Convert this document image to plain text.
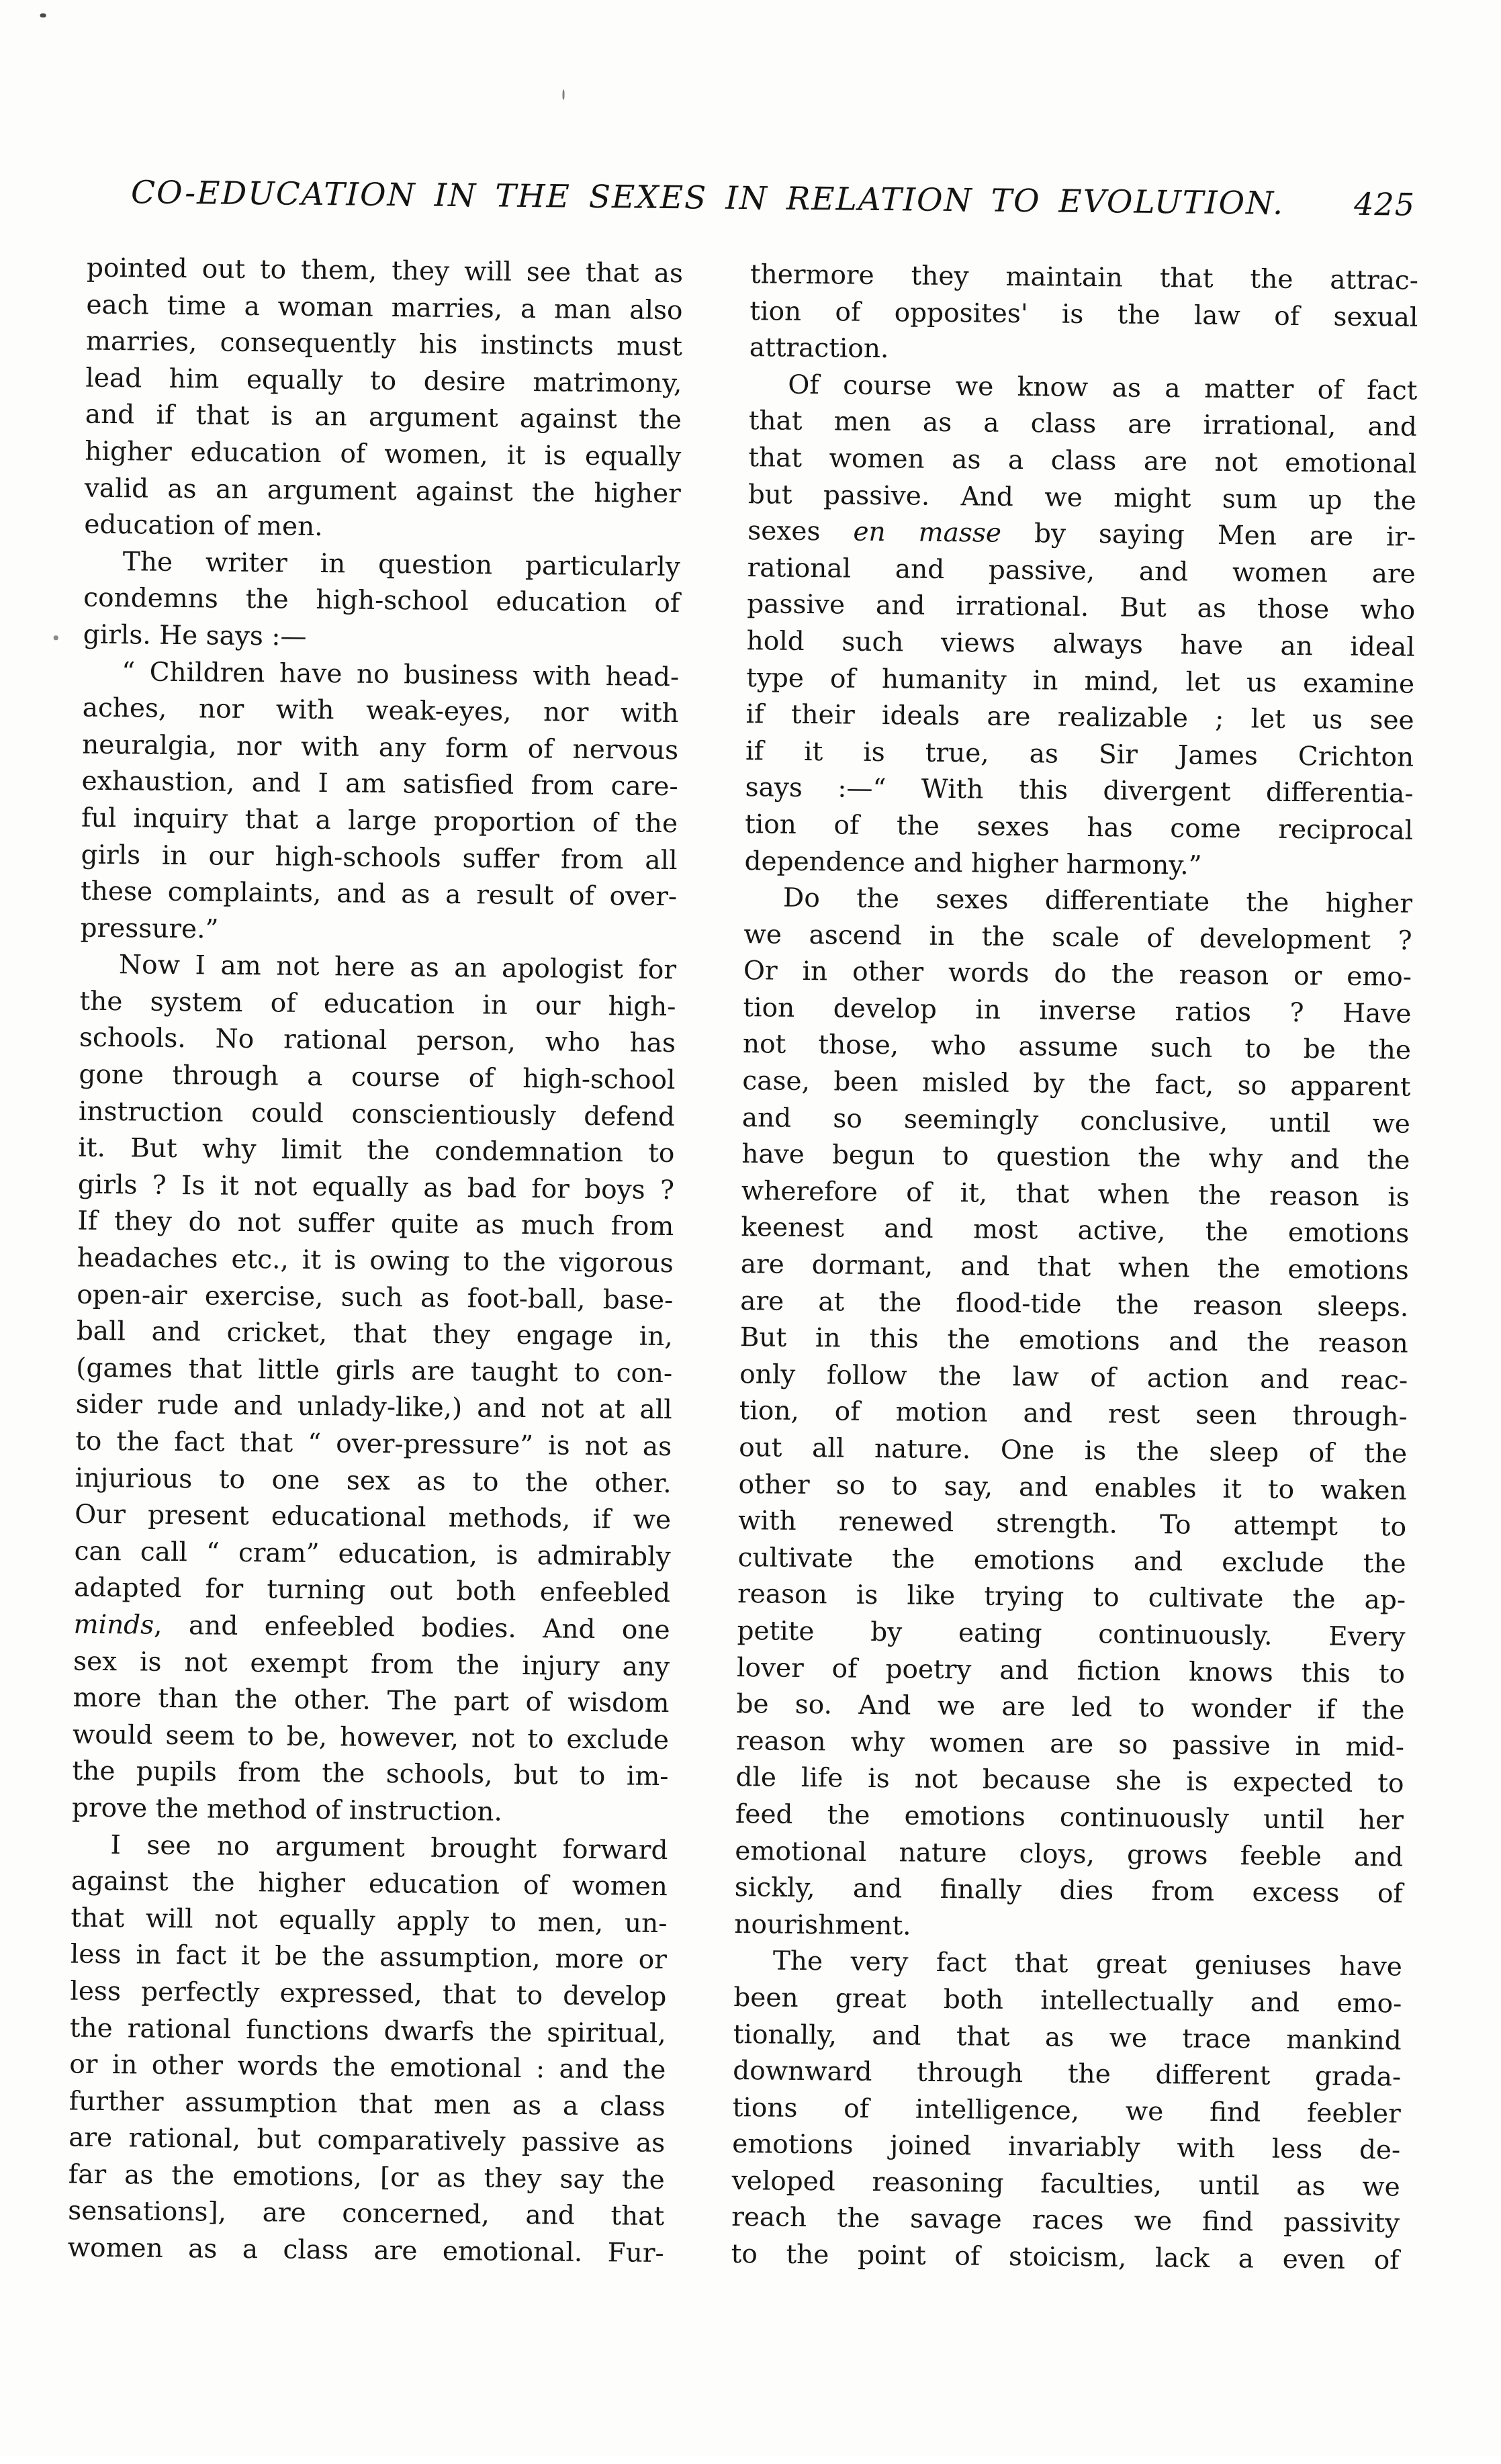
CO-EDUCATION IN THE SEXES IN RELATION TO EVOLUTION. 425
pointed out to them, they will see that as
each time a woman marries, a man also
marries, consequently his instincts must
lead him equally to desire matrimony,
and if that is an argument against the
higher education of women, it is equally
valid as an argument against the higher
education of men.
The writer in question particularly
condemns the high-school education of
girls. He says :—
“ Children have no business with head-
aches, nor with weak-eyes, nor with
neuralgia, nor with any form of nervous
exhaustion, and I am satisfied from care-
ful inquiry that a large proportion of the
girls in our high-schools suffer from all
these complaints, and as a result of over-
pressure.”
Now I am not here as an apologist for
the system of education in our high-
schools. No rational person, who has
gone through a course of high-school
instruction could conscientiously defend
it. But why limit the condemnation to
girls ? Is it not equally as bad for boys ?
If they do not suffer quite as much from
headaches etc., it is owing to the vigorous
open-air exercise, such as foot-ball, base-
ball and cricket, that they engage in,
(games that little girls are taught to con-
sider rude and unlady-like,) and not at all
to the fact that “ over-pressure” is not as
injurious to one sex as to the other.
Our present educational methods, if we
can call “ cram” education, is admirably
adapted for turning out both enfeebled
minds, and enfeebled bodies. And one
sex is not exempt from the injury any
more than the other. The part of wisdom
would seem to be, however, not to exclude
the pupils from the schools, but to im-
prove the method of instruction.
I see no argument brought forward
against the higher education of women
that will not equally apply to men, un-
less in fact it be the assumption, more or
less perfectly expressed, that to develop
the rational functions dwarfs the spiritual,
or in other words the emotional : and the
further assumption that men as a class
are rational, but comparatively passive as
far as the emotions, [or as they say the
sensations], are concerned, and that
women as a class are emotional. Fur-
thermore they maintain that the attrac-
tion of opposites' is the law of sexual
attraction.
Of course we know as a matter of fact
that men as a class are irrational, and
that women as a class are not emotional
but passive. And we might sum up the
sexes en masse by saying Men are ir-
rational and passive, and women are
passive and irrational. But as those who
hold such views always have an ideal
type of humanity in mind, let us examine
if their ideals are realizable ; let us see
if it is true, as Sir James Crichton
says :—“ With this divergent differentia-
tion of the sexes has come reciprocal
dependence and higher harmony.”
Do the sexes differentiate the higher
we ascend in the scale of development ?
Or in other words do the reason or emo-
tion develop in inverse ratios ? Have
not those, who assume such to be the
case, been misled by the fact, so apparent
and so seemingly conclusive, until we
have begun to question the why and the
wherefore of it, that when the reason is
keenest and most active, the emotions
are dormant, and that when the emotions
are at the flood-tide the reason sleeps.
But in this the emotions and the reason
only follow the law of action and reac-
tion, of motion and rest seen through-
out all nature. One is the sleep of the
other so to say, and enables it to waken
with renewed strength. To attempt to
cultivate the emotions and exclude the
reason is like trying to cultivate the ap-
petite by eating continuously. Every
lover of poetry and fiction knows this to
be so. And we are led to wonder if the
reason why women are so passive in mid-
dle life is not because she is expected to
feed the emotions continuously until her
emotional nature cloys, grows feeble and
sickly, and finally dies from excess of
nourishment.
The very fact that great geniuses have
been great both intellectually and emo-
tionally, and that as we trace mankind
downward through the different grada-
tions of intelligence, we find feebler
emotions joined invariably with less de-
veloped reasoning faculties, until as we
reach the savage races we find passivity
to the point of stoicism, lack a even of
